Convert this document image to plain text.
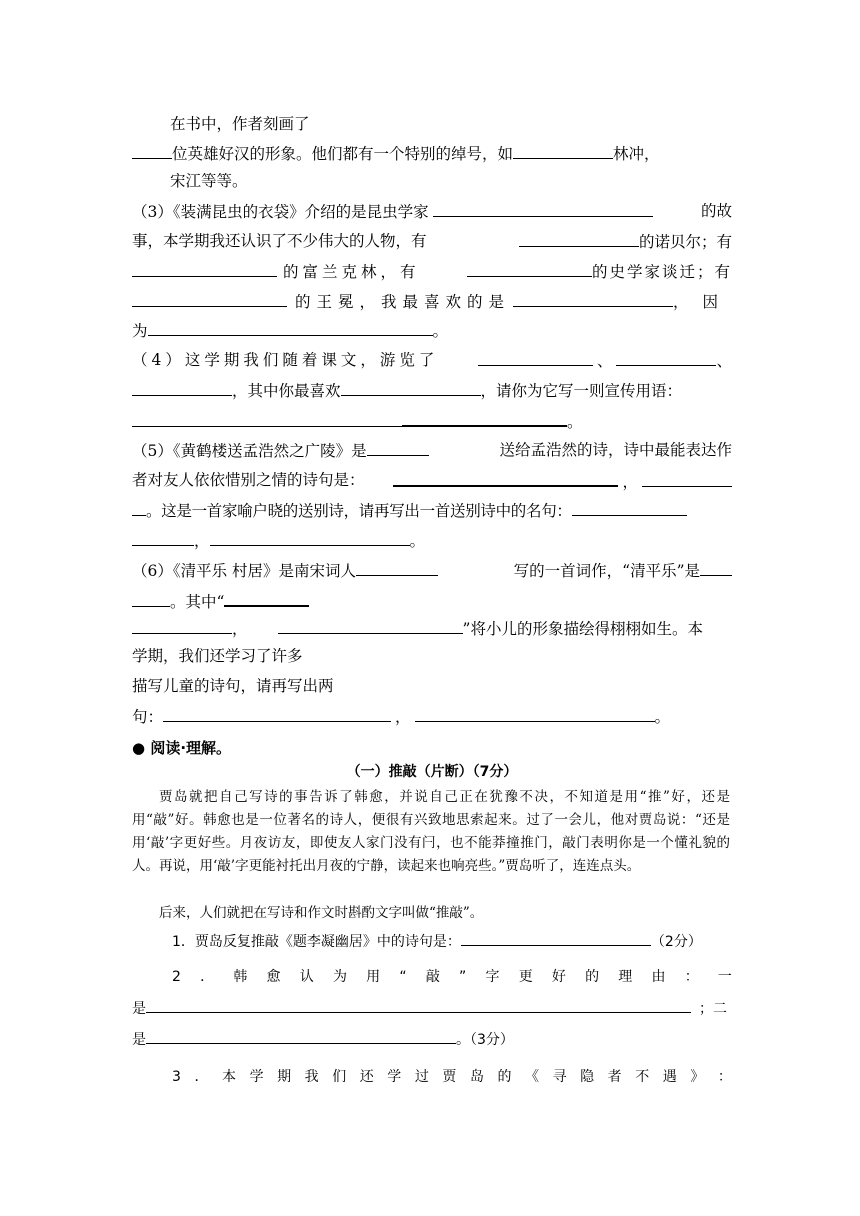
在书中，作者刻画了
位英雄好汉的形象。他们都有一个特别的绰号，如	林冲，
宋江等等。
（3）《装满昆虫的衣袋》介绍的是昆虫学家	的故
事，本学期我还认识了不少伟大的人物，有	的诺贝尔；有
的富兰克林，有	的史学家谈迁；有
的王冕，我最喜欢的是	，因
为	。
（4）这学期我们随着课文，游览了	、	、
，其中你最喜欢	，请你为它写一则宣传用语：
。
（5）《黄鹤楼送孟浩然之广陵》是	送给孟浩然的诗，诗中最能表达作
者对友人依依惜别之情的诗句是：	，
。这是一首家喻户晓的送别诗，请再写出一首送别诗中的名句：
，	。
（6）《清平乐 村居》是南宋词人	写的一首词作，“清平乐”是
。其中“
，	”将小儿的形象描绘得栩栩如生。本
学期，我们还学习了许多
描写儿童的诗句，请再写出两
句：	，	。
● 阅读·理解。
（一）推敲（片断）（7分）
贾岛就把自己写诗的事告诉了韩愈，并说自己正在犹豫不决，不知道是用“推”好，还是用“敲”好。韩愈也是一位著名的诗人，便很有兴致地思索起来。过了一会儿，他对贾岛说：“还是用‘敲’字更好些。月夜访友，即使友人家门没有闩，也不能莽撞推门，敲门表明你是一个懂礼貌的人。再说，用‘敲’字更能衬托出月夜的宁静，读起来也响亮些。”贾岛听了，连连点头。
后来，人们就把在写诗和作文时斟酌文字叫做“推敲”。
1．贾岛反复推敲《题李凝幽居》中的诗句是：	（2分）
2 ． 韩 愈 认 为 用 “ 敲 ” 字 更 好 的 理 由 ： 一
是	；二
是	。（3分）
3 ． 本 学 期 我 们 还 学 过 贾 岛 的 《 寻 隐 者 不 遇 》 ：
